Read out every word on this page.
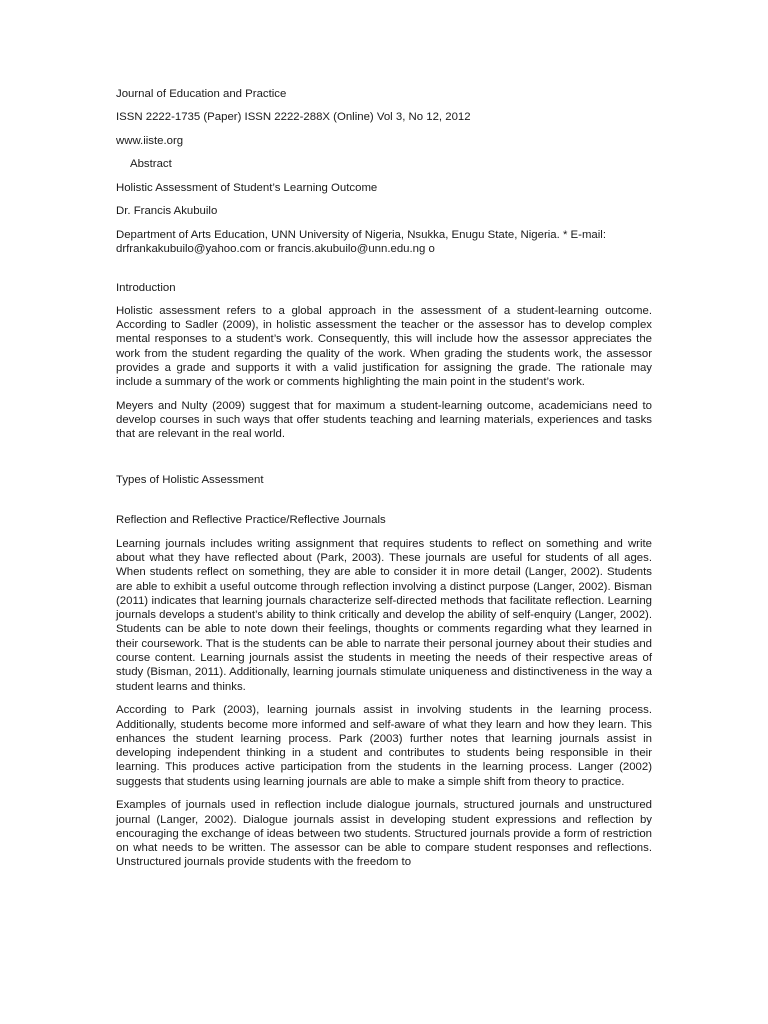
Journal of Education and Practice

ISSN 2222-1735 (Paper) ISSN 2222-288X (Online) Vol 3, No 12, 2012

www.iiste.org

Abstract

Holistic Assessment of Student’s Learning Outcome

Dr. Francis Akubuilo

Department of Arts Education, UNN University of Nigeria, Nsukka, Enugu State, Nigeria. * E-mail: drfrankakubuilo@yahoo.com or francis.akubuilo@unn.edu.ng o

Introduction

Holistic assessment refers to a global approach in the assessment of a student-learning outcome. According to Sadler (2009), in holistic assessment the teacher or the assessor has to develop complex mental responses to a student’s work. Consequently, this will include how the assessor appreciates the work from the student regarding the quality of the work. When grading the students work, the assessor provides a grade and supports it with a valid justification for assigning the grade. The rationale may include a summary of the work or comments highlighting the main point in the student’s work.

Meyers and Nulty (2009) suggest that for maximum a student-learning outcome, academicians need to develop courses in such ways that offer students teaching and learning materials, experiences and tasks that are relevant in the real world.

Types of Holistic Assessment

Reflection and Reflective Practice/Reflective Journals

Learning journals includes writing assignment that requires students to reflect on something and write about what they have reflected about (Park, 2003). These journals are useful for students of all ages. When students reflect on something, they are able to consider it in more detail (Langer, 2002). Students are able to exhibit a useful outcome through reflection involving a distinct purpose (Langer, 2002). Bisman (2011) indicates that learning journals characterize self-directed methods that facilitate reflection. Learning journals develops a student’s ability to think critically and develop the ability of self-enquiry (Langer, 2002). Students can be able to note down their feelings, thoughts or comments regarding what they learned in their coursework. That is the students can be able to narrate their personal journey about their studies and course content. Learning journals assist the students in meeting the needs of their respective areas of study (Bisman, 2011). Additionally, learning journals stimulate uniqueness and distinctiveness in the way a student learns and thinks.

According to Park (2003), learning journals assist in involving students in the learning process. Additionally, students become more informed and self-aware of what they learn and how they learn. This enhances the student learning process. Park (2003) further notes that learning journals assist in developing independent thinking in a student and contributes to students being responsible in their learning. This produces active participation from the students in the learning process. Langer (2002) suggests that students using learning journals are able to make a simple shift from theory to practice.

Examples of journals used in reflection include dialogue journals, structured journals and unstructured journal (Langer, 2002). Dialogue journals assist in developing student expressions and reflection by encouraging the exchange of ideas between two students. Structured journals provide a form of restriction on what needs to be written. The assessor can be able to compare student responses and reflections. Unstructured journals provide students with the freedom to
